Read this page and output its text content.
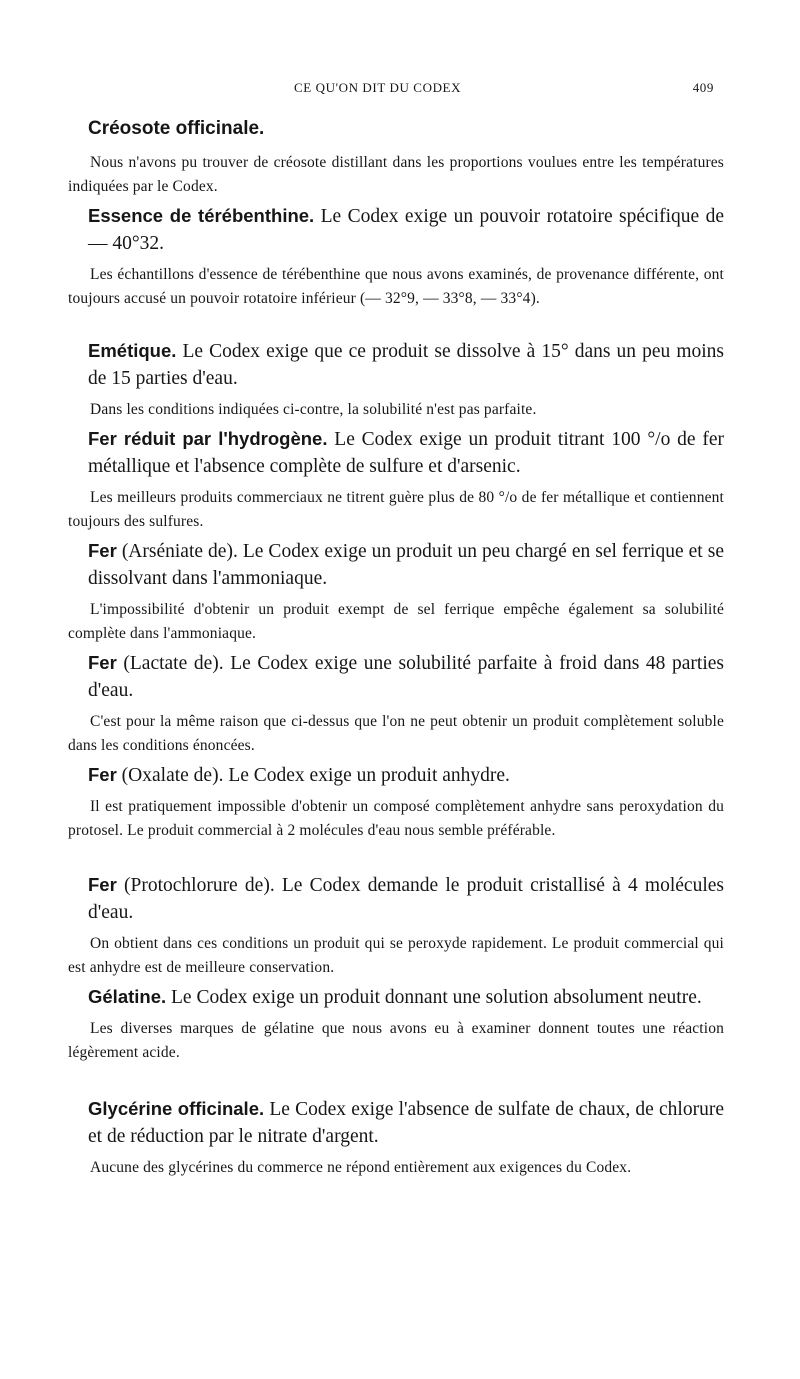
CE QU'ON DIT DU CODEX	409

Créosote officinale.

Nous n'avons pu trouver de créosote distillant dans les proportions voulues entre les températures indiquées par le Codex.

Essence de térébenthine. Le Codex exige un pouvoir rotatoire spécifique de — 40°32.

Les échantillons d'essence de térébenthine que nous avons examinés, de provenance différente, ont toujours accusé un pouvoir rotatoire inférieur (— 32°9, — 33°8, — 33°4).

Emétique. Le Codex exige que ce produit se dissolve à 15° dans un peu moins de 15 parties d'eau.

Dans les conditions indiquées ci-contre, la solubilité n'est pas parfaite.

Fer réduit par l'hydrogène. Le Codex exige un produit titrant 100 °/o de fer métallique et l'absence complète de sulfure et d'arsenic.

Les meilleurs produits commerciaux ne titrent guère plus de 80 °/o de fer métallique et contiennent toujours des sulfures.

Fer (Arséniate de). Le Codex exige un produit un peu chargé en sel ferrique et se dissolvant dans l'ammoniaque.

L'impossibilité d'obtenir un produit exempt de sel ferrique empêche également sa solubilité complète dans l'ammoniaque.

Fer (Lactate de). Le Codex exige une solubilité parfaite à froid dans 48 parties d'eau.

C'est pour la même raison que ci-dessus que l'on ne peut obtenir un produit complètement soluble dans les conditions énoncées.

Fer (Oxalate de). Le Codex exige un produit anhydre.

Il est pratiquement impossible d'obtenir un composé complètement anhydre sans peroxydation du protosel. Le produit commercial à 2 molécules d'eau nous semble préférable.

Fer (Protochlorure de). Le Codex demande le produit cristallisé à 4 molécules d'eau.

On obtient dans ces conditions un produit qui se peroxyde rapidement. Le produit commercial qui est anhydre est de meilleure conservation.

Gélatine. Le Codex exige un produit donnant une solution absolument neutre.

Les diverses marques de gélatine que nous avons eu à examiner donnent toutes une réaction légèrement acide.

Glycérine officinale. Le Codex exige l'absence de sulfate de chaux, de chlorure et de réduction par le nitrate d'argent.

Aucune des glycérines du commerce ne répond entièrement aux exigences du Codex.
